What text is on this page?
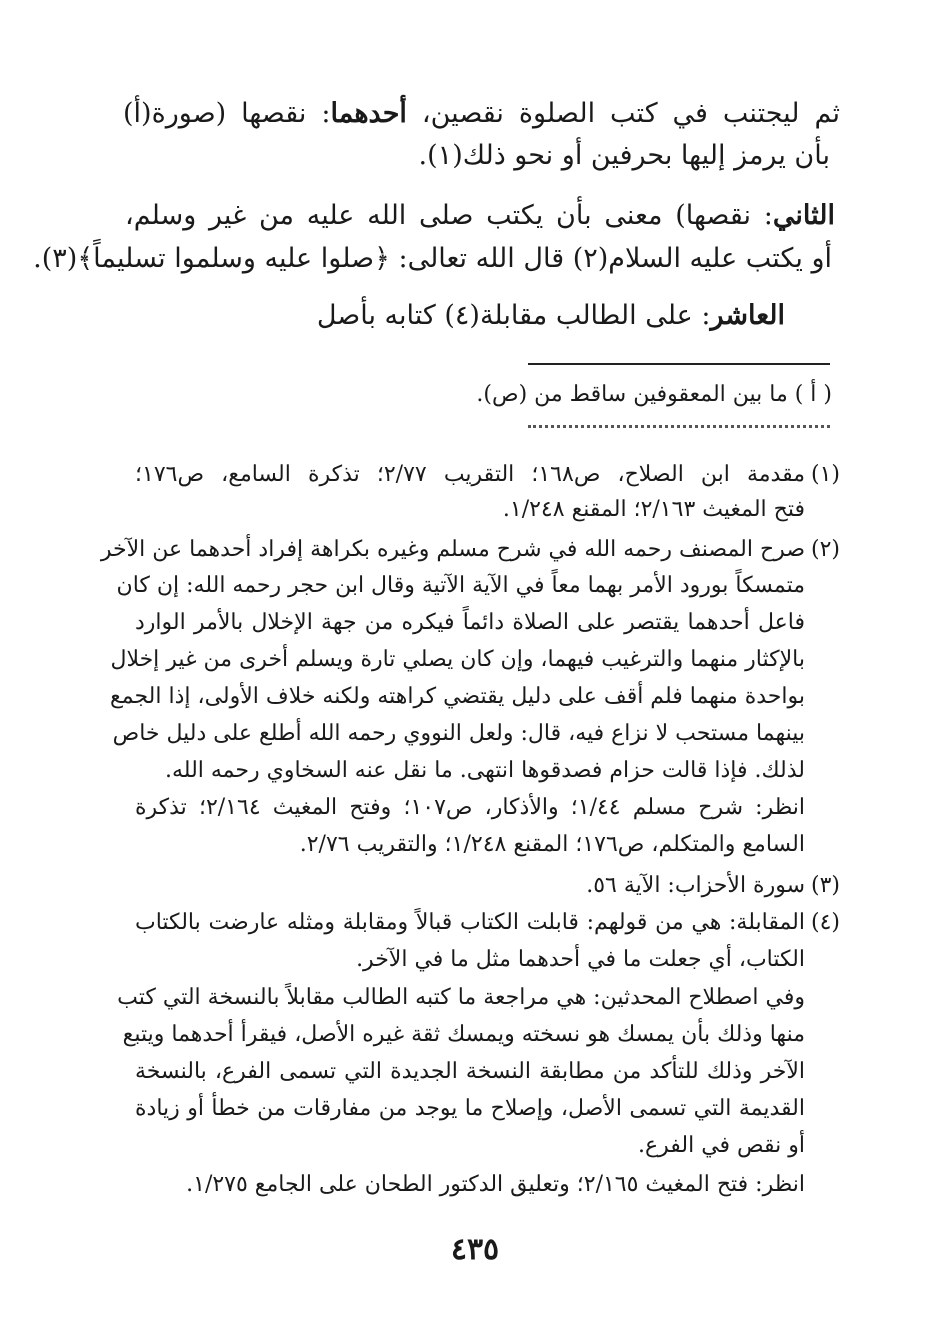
ثم ليجتنب في كتب الصلوة نقصين، أحدهما: نقصها (صورة(أ)
بأن يرمز إليها بحرفين أو نحو ذلك(١).
الثاني: نقصها) معنى بأن يكتب صلى الله عليه من غير وسلم،
أو يكتب عليه السلام(٢) قال الله تعالى: ﴿صلوا عليه وسلموا تسليماً﴾(٣).
العاشر: على الطالب مقابلة(٤) كتابه بأصل
( أ ) ما بين المعقوفين ساقط من (ص).
(١)
مقدمة ابن الصلاح، ص١٦٨؛ التقريب ٢/٧٧؛ تذكرة السامع، ص١٧٦؛
فتح المغيث ٢/١٦٣؛ المقنع ١/٢٤٨.
(٢)
صرح المصنف رحمه الله في شرح مسلم وغيره بكراهة إفراد أحدهما عن الآخر
متمسكاً بورود الأمر بهما معاً في الآية الآتية وقال ابن حجر رحمه الله: إن كان
فاعل أحدهما يقتصر على الصلاة دائماً فيكره من جهة الإخلال بالأمر الوارد
بالإكثار منهما والترغيب فيهما، وإن كان يصلي تارة ويسلم أخرى من غير إخلال
بواحدة منهما فلم أقف على دليل يقتضي كراهته ولكنه خلاف الأولى، إذا الجمع
بينهما مستحب لا نزاع فيه، قال: ولعل النووي رحمه الله أطلع على دليل خاص
لذلك. فإذا قالت حزام فصدقوها انتهى. ما نقل عنه السخاوي رحمه الله.
انظر: شرح مسلم ١/٤٤؛ والأذكار، ص١٠٧؛ وفتح المغيث ٢/١٦٤؛ تذكرة
السامع والمتكلم، ص١٧٦؛ المقنع ١/٢٤٨؛ والتقريب ٢/٧٦.
(٣)
سورة الأحزاب: الآية ٥٦.
(٤)
المقابلة: هي من قولهم: قابلت الكتاب قبالاً ومقابلة ومثله عارضت بالكتاب
الكتاب، أي جعلت ما في أحدهما مثل ما في الآخر.
وفي اصطلاح المحدثين: هي مراجعة ما كتبه الطالب مقابلاً بالنسخة التي كتب
منها وذلك بأن يمسك هو نسخته ويمسك ثقة غيره الأصل، فيقرأ أحدهما ويتبع
الآخر وذلك للتأكد من مطابقة النسخة الجديدة التي تسمى الفرع، بالنسخة
القديمة التي تسمى الأصل، وإصلاح ما يوجد من مفارقات من خطأ أو زيادة
أو نقص في الفرع.
انظر: فتح المغيث ٢/١٦٥؛ وتعليق الدكتور الطحان على الجامع ١/٢٧٥.
٤٣٥
